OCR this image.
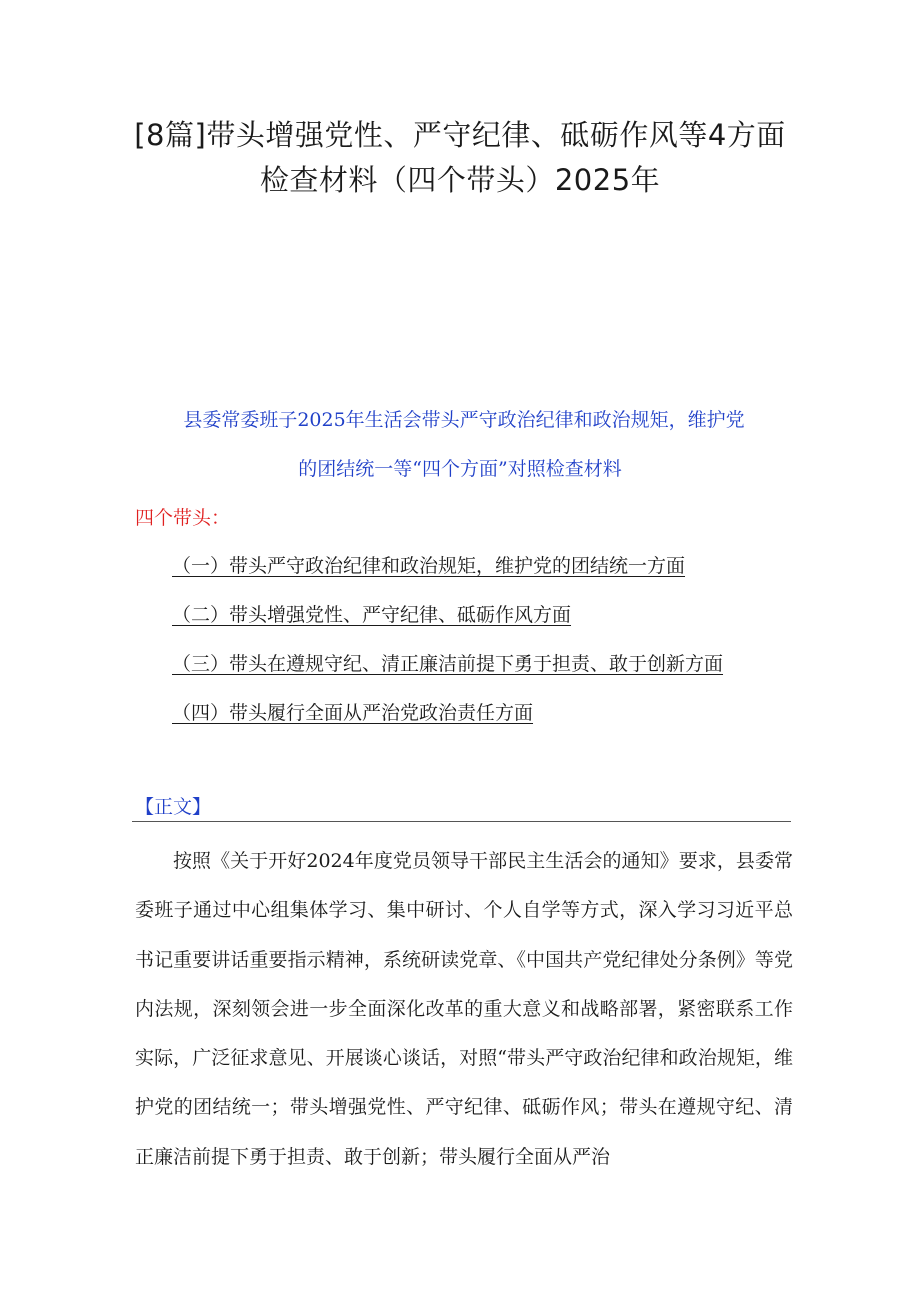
[8篇]带头增强党性、严守纪律、砥砺作风等4方面
检查材料（四个带头）2025年
县委常委班子2025年生活会带头严守政治纪律和政治规矩，维护党
的团结统一等“四个方面”对照检查材料
四个带头：
（一）带头严守政治纪律和政治规矩，维护党的团结统一方面
（二）带头增强党性、严守纪律、砥砺作风方面
（三）带头在遵规守纪、清正廉洁前提下勇于担责、敢于创新方面
（四）带头履行全面从严治党政治责任方面
【正文】

按照《关于开好2024年度党员领导干部民主生活会的通知》要求，县委常委班子通过中心组集体学习、集中研讨、个人自学等方式，深入学习习近平总书记重要讲话重要指示精神，系统研读党章、《中国共产党纪律处分条例》等党内法规，深刻领会进一步全面深化改革的重大意义和战略部署，紧密联系工作实际，广泛征求意见、开展谈心谈话，对照“带头严守政治纪律和政治规矩，维护党的团结统一；带头增强党性、严守纪律、砥砺作风；带头在遵规守纪、清正廉洁前提下勇于担责、敢于创新；带头履行全面从严治
